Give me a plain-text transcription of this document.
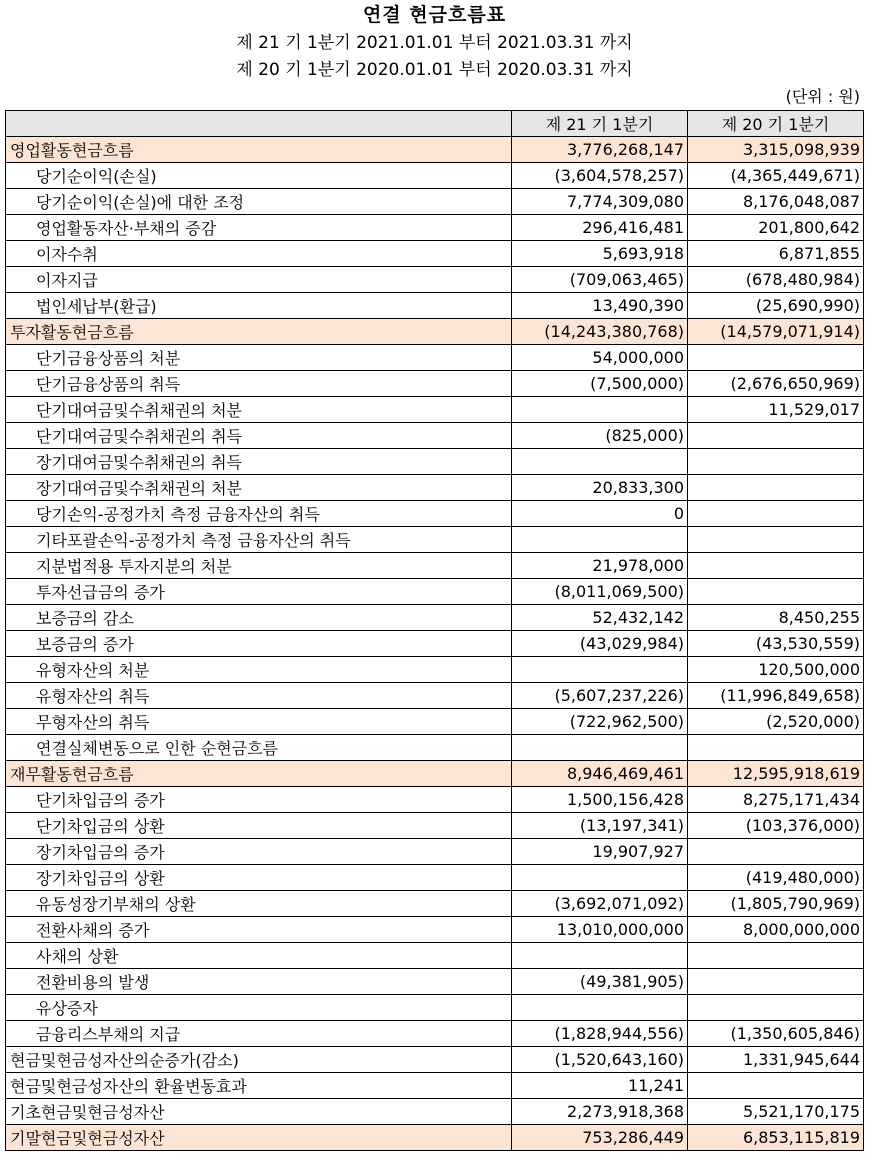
연결 현금흐름표
제 21 기 1분기 2021.01.01 부터 2021.03.31 까지
제 20 기 1분기 2020.01.01 부터 2020.03.31 까지
(단위 : 원)
	제 21 기 1분기	제 20 기 1분기
영업활동현금흐름	3,776,268,147	3,315,098,939
당기순이익(손실)	(3,604,578,257)	(4,365,449,671)
당기순이익(손실)에 대한 조정	7,774,309,080	8,176,048,087
영업활동자산·부채의 증감	296,416,481	201,800,642
이자수취	5,693,918	6,871,855
이자지급	(709,063,465)	(678,480,984)
법인세납부(환급)	13,490,390	(25,690,990)
투자활동현금흐름	(14,243,380,768)	(14,579,071,914)
단기금융상품의 처분	54,000,000	
단기금융상품의 취득	(7,500,000)	(2,676,650,969)
단기대여금및수취채권의 처분		11,529,017
단기대여금및수취채권의 취득	(825,000)	
장기대여금및수취채권의 취득		
장기대여금및수취채권의 처분	20,833,300	
당기손익-공정가치 측정 금융자산의 취득	0	
기타포괄손익-공정가치 측정 금융자산의 취득		
지분법적용 투자지분의 처분	21,978,000	
투자선급금의 증가	(8,011,069,500)	
보증금의 감소	52,432,142	8,450,255
보증금의 증가	(43,029,984)	(43,530,559)
유형자산의 처분		120,500,000
유형자산의 취득	(5,607,237,226)	(11,996,849,658)
무형자산의 취득	(722,962,500)	(2,520,000)
연결실체변동으로 인한 순현금흐름		
재무활동현금흐름	8,946,469,461	12,595,918,619
단기차입금의 증가	1,500,156,428	8,275,171,434
단기차입금의 상환	(13,197,341)	(103,376,000)
장기차입금의 증가	19,907,927	
장기차입금의 상환		(419,480,000)
유동성장기부채의 상환	(3,692,071,092)	(1,805,790,969)
전환사채의 증가	13,010,000,000	8,000,000,000
사채의 상환		
전환비용의 발생	(49,381,905)	
유상증자		
금융리스부채의 지급	(1,828,944,556)	(1,350,605,846)
현금및현금성자산의순증가(감소)	(1,520,643,160)	1,331,945,644
현금및현금성자산의 환율변동효과	11,241	
기초현금및현금성자산	2,273,918,368	5,521,170,175
기말현금및현금성자산	753,286,449	6,853,115,819
